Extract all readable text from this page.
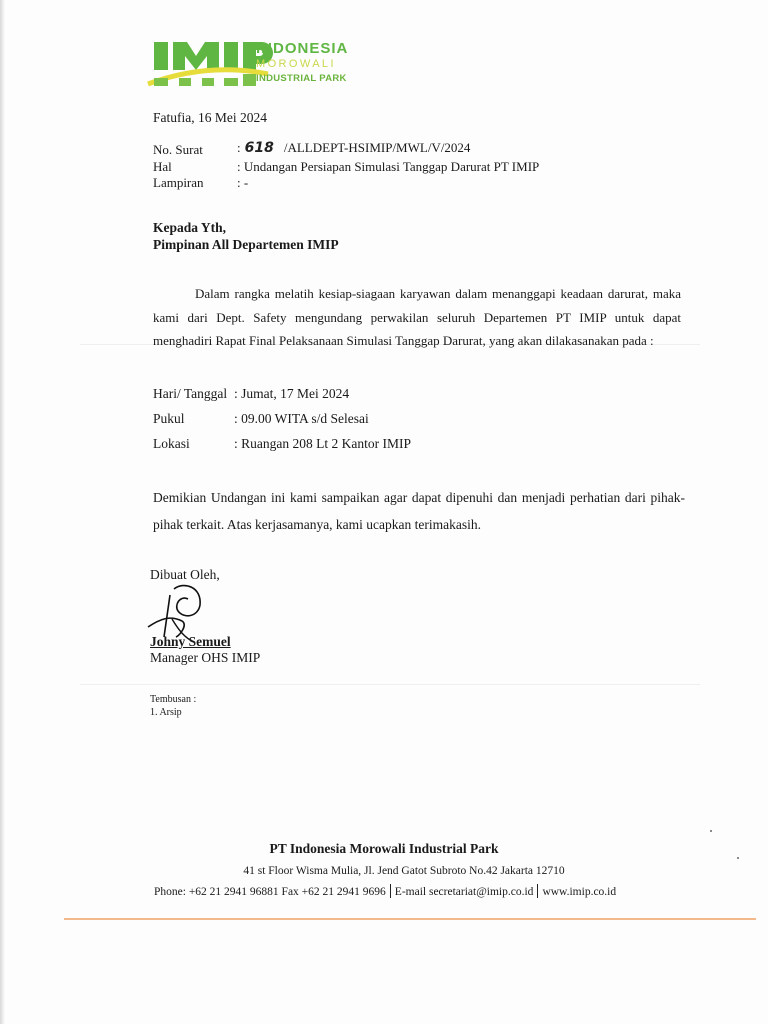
INDONESIA
MOROWALI
INDUSTRIAL PARK
Fatufia, 16 Mei 2024
No. Surat	: 618 /ALLDEPT-HSIMIP/MWL/V/2024
Hal	: Undangan Persiapan Simulasi Tanggap Darurat PT IMIP
Lampiran	: -
Kepada Yth,
Pimpinan All Departemen IMIP
Dalam rangka melatih kesiap-siagaan karyawan dalam menanggapi keadaan darurat, maka kami dari Dept. Safety mengundang perwakilan seluruh Departemen PT IMIP untuk dapat menghadiri Rapat Final Pelaksanaan Simulasi Tanggap Darurat, yang akan dilakasanakan pada :
Hari/ Tanggal : Jumat, 17 Mei 2024
Pukul	: 09.00 WITA s/d Selesai
Lokasi	: Ruangan 208 Lt 2 Kantor IMIP
Demikian Undangan ini kami sampaikan agar dapat dipenuhi dan menjadi perhatian dari pihak-pihak terkait. Atas kerjasamanya, kami ucapkan terimakasih.
Dibuat Oleh,
Johny Semuel
Manager OHS IMIP
Tembusan :
1. Arsip
PT Indonesia Morowali Industrial Park
41 st Floor Wisma Mulia, Jl. Jend Gatot Subroto No.42 Jakarta 12710
Phone: +62 21 2941 96881 Fax +62 21 2941 9696 E-mail secretariat@imip.co.id www.imip.co.id
